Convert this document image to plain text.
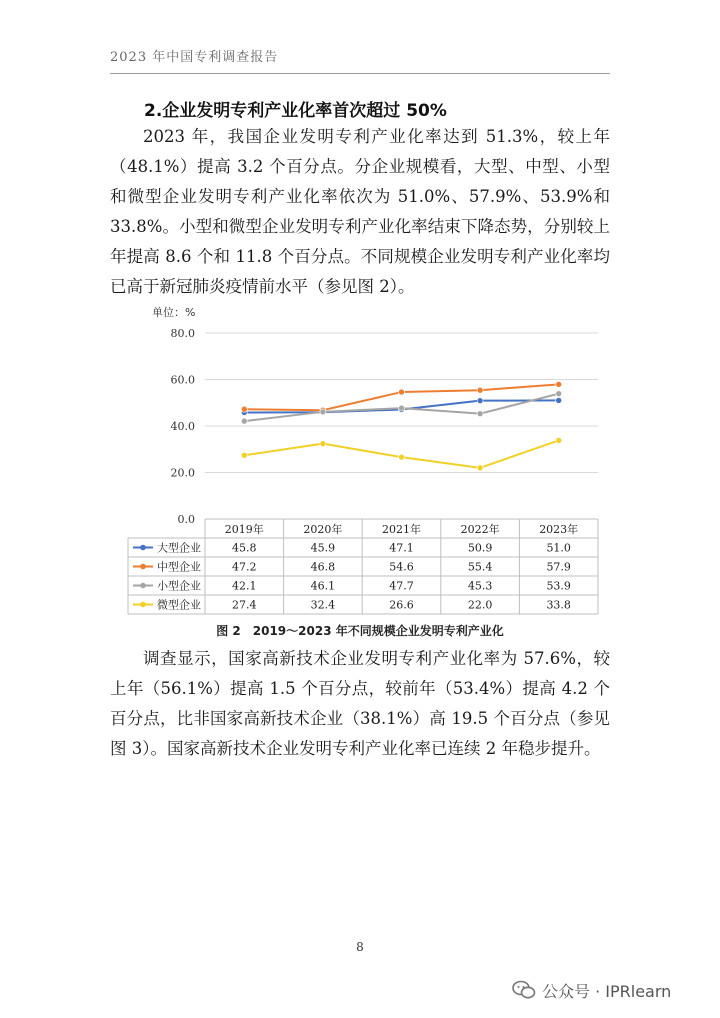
2023 年中国专利调查报告
2.企业发明专利产业化率首次超过 50%

2023 年，我国企业发明专利产业化率达到 51.3%，较上年（48.1%）提高 3.2 个百分点。分企业规模看，大型、中型、小型和微型企业发明专利产业化率依次为 51.0%、57.9%、53.9%和 33.8%。小型和微型企业发明专利产业化率结束下降态势，分别较上年提高 8.6 个和 11.8 个百分点。不同规模企业发明专利产业化率均已高于新冠肺炎疫情前水平（参见图 2）。

单位：%
0.0
20.0
40.0
60.0
80.0
2019年	2020年	2021年	2022年	2023年
大型企业	45.8	45.9	47.1	50.9	51.0
中型企业	47.2	46.8	54.6	55.4	57.9
小型企业	42.1	46.1	47.7	45.3	53.9
微型企业	27.4	32.4	26.6	22.0	33.8
图 2　2019～2023 年不同规模企业发明专利产业化

调查显示，国家高新技术企业发明专利产业化率为 57.6%，较上年（56.1%）提高 1.5 个百分点，较前年（53.4%）提高 4.2 个百分点，比非国家高新技术企业（38.1%）高 19.5 个百分点（参见图 3）。国家高新技术企业发明专利产业化率已连续 2 年稳步提升。

8
公众号 · IPRlearn
